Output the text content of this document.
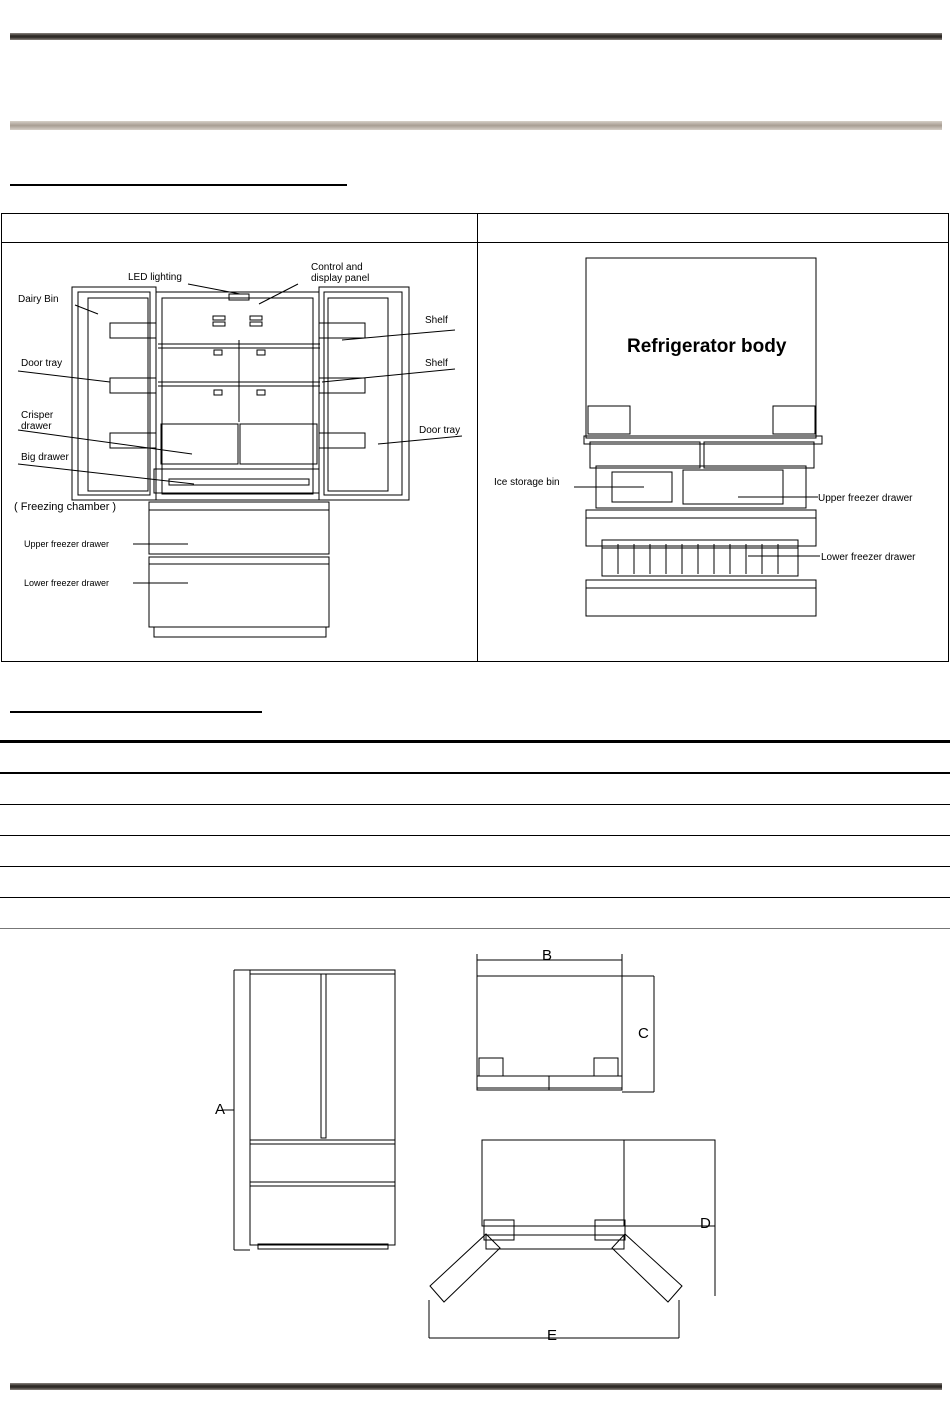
LED lighting
Control and
display panel
Dairy Bin
Shelf
Shelf
Door tray
Crisper
drawer	Door tray
Big drawer
( Freezing chamber )
Upper freezer drawer
Lower freezer drawer
Refrigerator body
Ice storage bin
Upper freezer drawer
Lower freezer drawer
B
C
A
D
E
